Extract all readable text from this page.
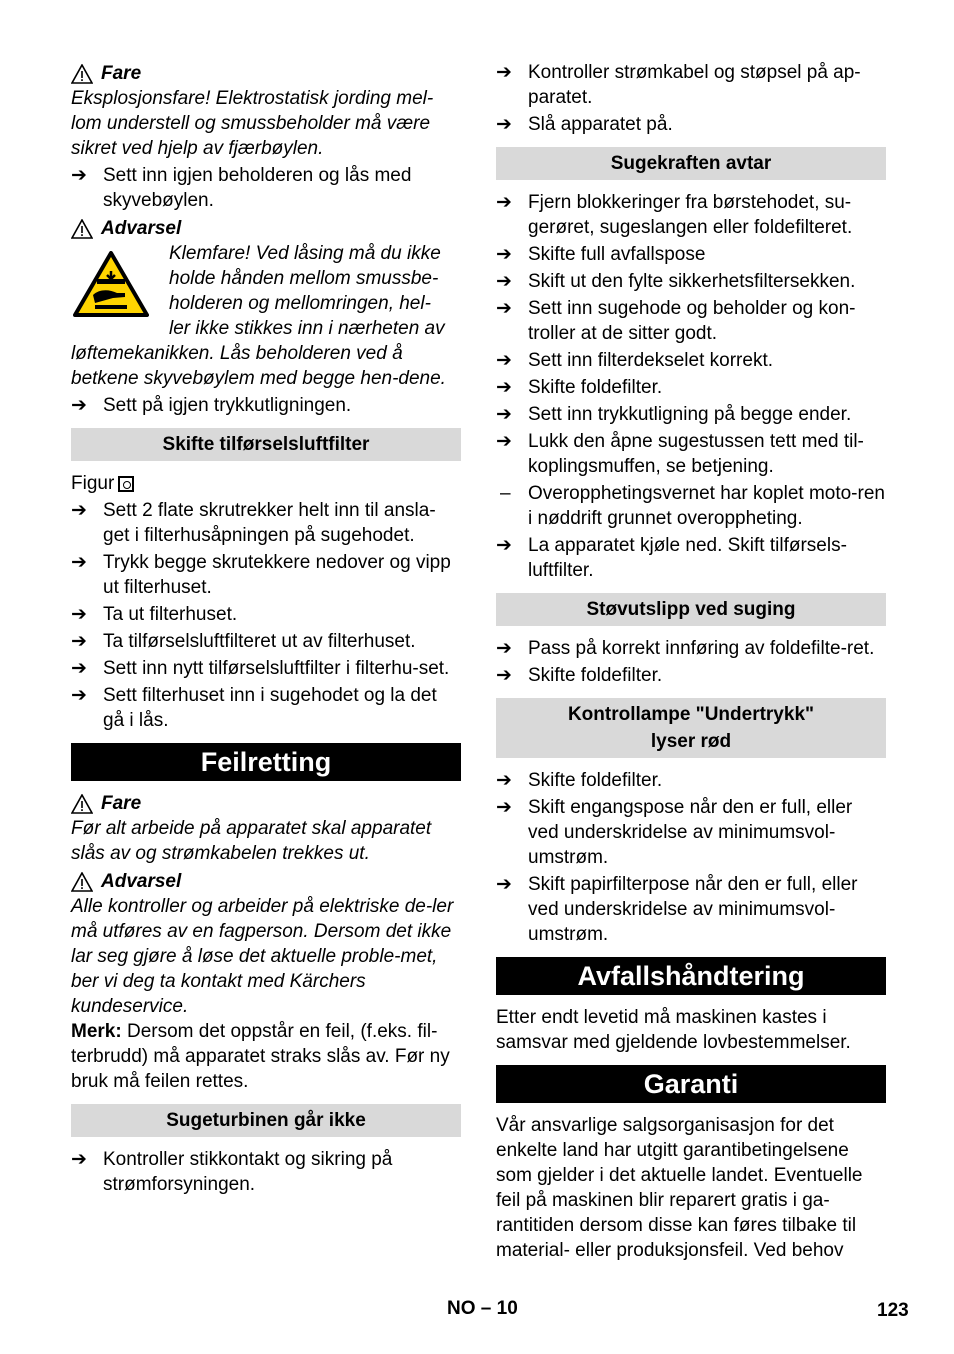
Fare

Eksplosjonsfare! Elektrostatisk jording mel-lom understell og smussbeholder må være sikret ved hjelp av fjærbøylen.

➔ Sett inn igjen beholderen og lås med skyvebøylen.
Advarsel

Klemfare! Ved låsing må du ikke

holde hånden mellom smussbe-

holderen og mellomringen, hel-

ler ikke stikkes inn i nærheten av

løftemekanikken. Lås beholderen ved å betkene skyvebøylem med begge hen-dene.

➔ Sett på igjen trykkutligningen.
Skifte tilførselsluftfilter

Figur

➔ Sett 2 flate skrutrekker helt inn til ansla-get i filterhusåpningen på sugehodet.
➔ Trykk begge skrutekkere nedover og vipp ut filterhuset.
➔ Ta ut filterhuset.
➔ Ta tilførselsluftfilteret ut av filterhuset.
➔ Sett inn nytt tilførselsluftfilter i filterhu-set.
➔ Sett filterhuset inn i sugehodet og la det gå i lås.
Feilretting
Fare

Før alt arbeide på apparatet skal apparatet slås av og strømkabelen trekkes ut.

Advarsel

Alle kontroller og arbeider på elektriske de-ler må utføres av en fagperson. Dersom det ikke lar seg gjøre å løse det aktuelle proble-met, ber vi deg ta kontakt med Kärchers kundeservice.

Merk: Dersom det oppstår en feil, (f.eks. fil-terbrudd) må apparatet straks slås av. Før ny bruk må feilen rettes.

Sugeturbinen går ikke
➔ Kontroller stikkontakt og sikring på strømforsyningen.
➔ Kontroller strømkabel og støpsel på ap-paratet.
➔ Slå apparatet på.
Sugekraften avtar
➔ Fjern blokkeringer fra børstehodet, su-gerøret, sugeslangen eller foldefilteret.
➔ Skifte full avfallspose
➔ Skift ut den fylte sikkerhetsfiltersekken.
➔ Sett inn sugehode og beholder og kon-troller at de sitter godt.
➔ Sett inn filterdekselet korrekt.
➔ Skifte foldefilter.
➔ Sett inn trykkutligning på begge ender.
➔ Lukk den åpne sugestussen tett med til-koplingsmuffen, se betjening.
– Overopphetingsvernet har koplet moto-ren i nøddrift grunnet overoppheting.
➔ La apparatet kjøle ned. Skift tilførsels-luftfilter.
Støvutslipp ved suging
➔ Pass på korrekt innføring av foldefilte-ret.
➔ Skifte foldefilter.
Kontrollampe "Undertrykk"
lyser rød
➔ Skifte foldefilter.
➔ Skift engangspose når den er full, eller ved underskridelse av minimumsvol-umstrøm.
➔ Skift papirfilterpose når den er full, eller ved underskridelse av minimumsvol-umstrøm.
Avfallshåndtering

Etter endt levetid må maskinen kastes i samsvar med gjeldende lovbestemmelser.

Garanti

Vår ansvarlige salgsorganisasjon for det enkelte land har utgitt garantibetingelsene som gjelder i det aktuelle landet. Eventuelle feil på maskinen blir reparert gratis i ga-rantitiden dersom disse kan føres tilbake til material- eller produksjonsfeil. Ved behov

NO – 10	123
